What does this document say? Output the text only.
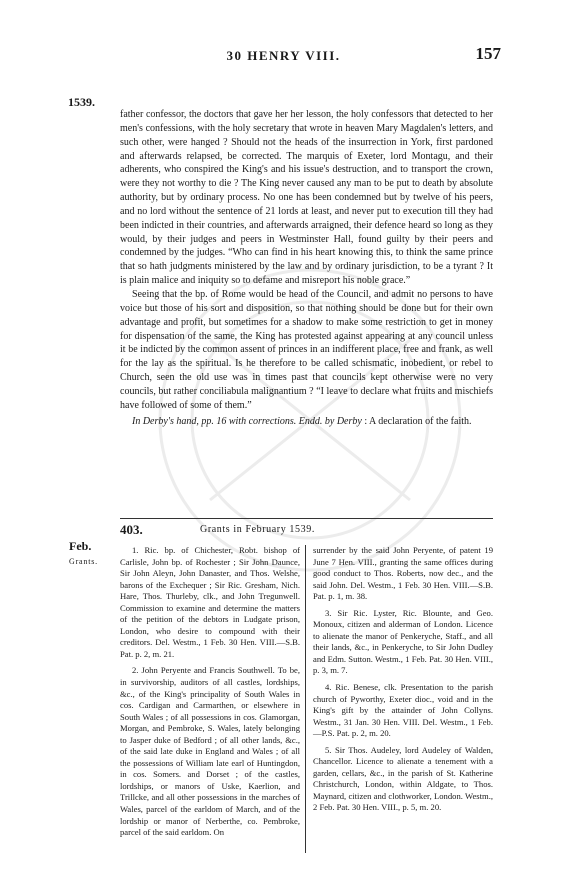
30 HENRY VIII.	157
1539.

father confessor, the doctors that gave her her lesson, the holy confessors that detected to her men's confessions, with the holy secretary that wrote in heaven Mary Magdalen's letters, and such other, were hanged ? Should not the heads of the insurrection in York, first pardoned and afterwards relapsed, be corrected. The marquis of Exeter, lord Montagu, and their adherents, who conspired the King's and his issue's destruction, and to transport the crown, were they not worthy to die ? The King never caused any man to be put to death by absolute authority, but by ordinary process. No one has been condemned but by twelve of his peers, and no lord without the sentence of 21 lords at least, and never put to execution till they had been indicted in their countries, and afterwards arraigned, their defence heard so long as they would, by their judges and peers in Westminster Hall, found guilty by their peers and condemned by the judges. “Who can find in his heart knowing this, to think the same prince that so hath judgments ministered by the law and by ordinary jurisdiction, to be a tyrant ? It is plain malice and iniquity so to defame and misreport his noble grace.”

Seeing that the bp. of Rome would be head of the Council, and admit no persons to have voice but those of his sort and disposition, so that nothing should be done but for their own advantage and profit, but sometimes for a shadow to make some restriction to get in money for dispensation of the same, the King has protested against appearing at any council unless it be indicted by the common assent of princes in an indifferent place, free and frank, as well for the lay as the spiritual. Is he therefore to be called schismatic, inobedient, or rebel to Church, seen the old use was in times past that councils kept otherwise were no very councils, but rather conciliabula malignantium ? “I leave to declare what fruits and mischiefs have followed of some of them.”

In Derby's hand, pp. 16 with corrections. Endd. by Derby : A declaration of the faith.

403.	Grants in February 1539.
Feb.
Grants.

1. Ric. bp. of Chichester, Robt. bishop of Carlisle, John bp. of Rochester ; Sir John Daunce, Sir John Aleyn, John Danaster, and Thos. Welshe, barons of the Exchequer ; Sir Ric. Gresham, Nich. Hare, Thos. Thurleby, clk., and John Tregunwell. Commission to examine and determine the matters of the petition of the debtors in Ludgate prison, London, who desire to compound with their creditors. Del. Westm., 1 Feb. 30 Hen. VIII.—S.B. Pat. p. 2, m. 21.

2. John Peryente and Francis Southwell. To be, in survivorship, auditors of all castles, lordships, &c., of the King's principality of South Wales in cos. Cardigan and Carmarthen, or elsewhere in South Wales ; of all possessions in cos. Glamorgan, Morgan, and Pembroke, S. Wales, lately belonging to Jasper duke of Bedford ; of all other lands, &c., of the said late duke in England and Wales ; of all the possessions of William late earl of Huntingdon, in cos. Somers. and Dorset ; of the castles, lordships, or manors of Uske, Kaerlion, and Trillcke, and all other possessions in the marches of Wales, parcel of the earldom of March, and of the lordship or manor of Nerberthe, co. Pembroke, parcel of the said earldom. On

surrender by the said John Peryente, of patent 19 June 7 Hen. VIII., granting the same offices during good conduct to Thos. Roberts, now dec., and the said John. Del. Westm., 1 Feb. 30 Hen. VIII.—S.B. Pat. p. 1, m. 38.

3. Sir Ric. Lyster, Ric. Blounte, and Geo. Monoux, citizen and alderman of London. Licence to alienate the manor of Penkeryche, Staff., and all their lands, &c., in Penkeryche, to Sir John Dudley and Edm. Sutton. Westm., 1 Feb. Pat. 30 Hen. VIII., p. 3, m. 7.

4. Ric. Benese, clk. Presentation to the parish church of Pyworthy, Exeter dioc., void and in the King's gift by the attainder of John Collyns. Westm., 31 Jan. 30 Hen. VIII. Del. Westm., 1 Feb.—P.S. Pat. p. 2, m. 20.

5. Sir Thos. Audeley, lord Audeley of Walden, Chancellor. Licence to alienate a tenement with a garden, cellars, &c., in the parish of St. Katherine Christchurch, London, within Aldgate, to Thos. Maynard, citizen and clothworker, London. Westm., 2 Feb. Pat. 30 Hen. VIII., p. 5, m. 20.
